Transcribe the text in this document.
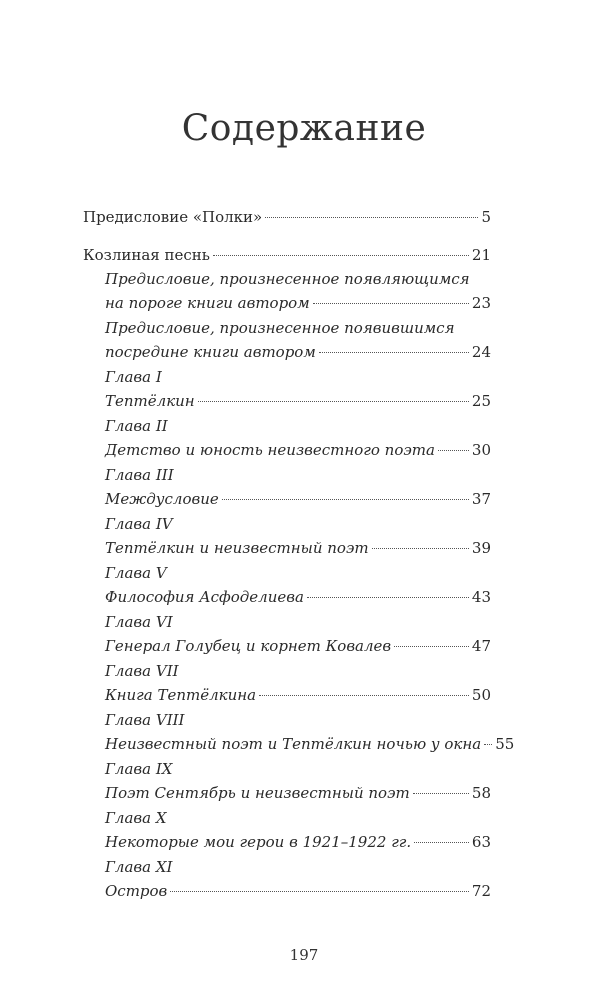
Содержание
Предисловие «Полки»	5
Козлиная песнь	21
Предисловие, произнесенное появляющимся
на пороге книги автором	23
Предисловие, произнесенное появившимся
посредине книги автором	24
Глава I
Тептёлкин	25
Глава II
Детство и юность неизвестного поэта 30
Глава III
Междусловие	37
Глава IV
Тептёлкин и неизвестный поэт	39
Глава V
Философия Асфоделиева	43
Глава VI
Генерал Голубец и корнет Ковалев	47
Глава VII
Книга Тептёлкина	50
Глава VIII
Неизвестный поэт и Тептёлкин ночью у окна 55
Глава IX
Поэт Сентябрь и неизвестный поэт	58
Глава X
Некоторые мои герои в 1921–1922 гг.	63
Глава XI
Остров	72
197
